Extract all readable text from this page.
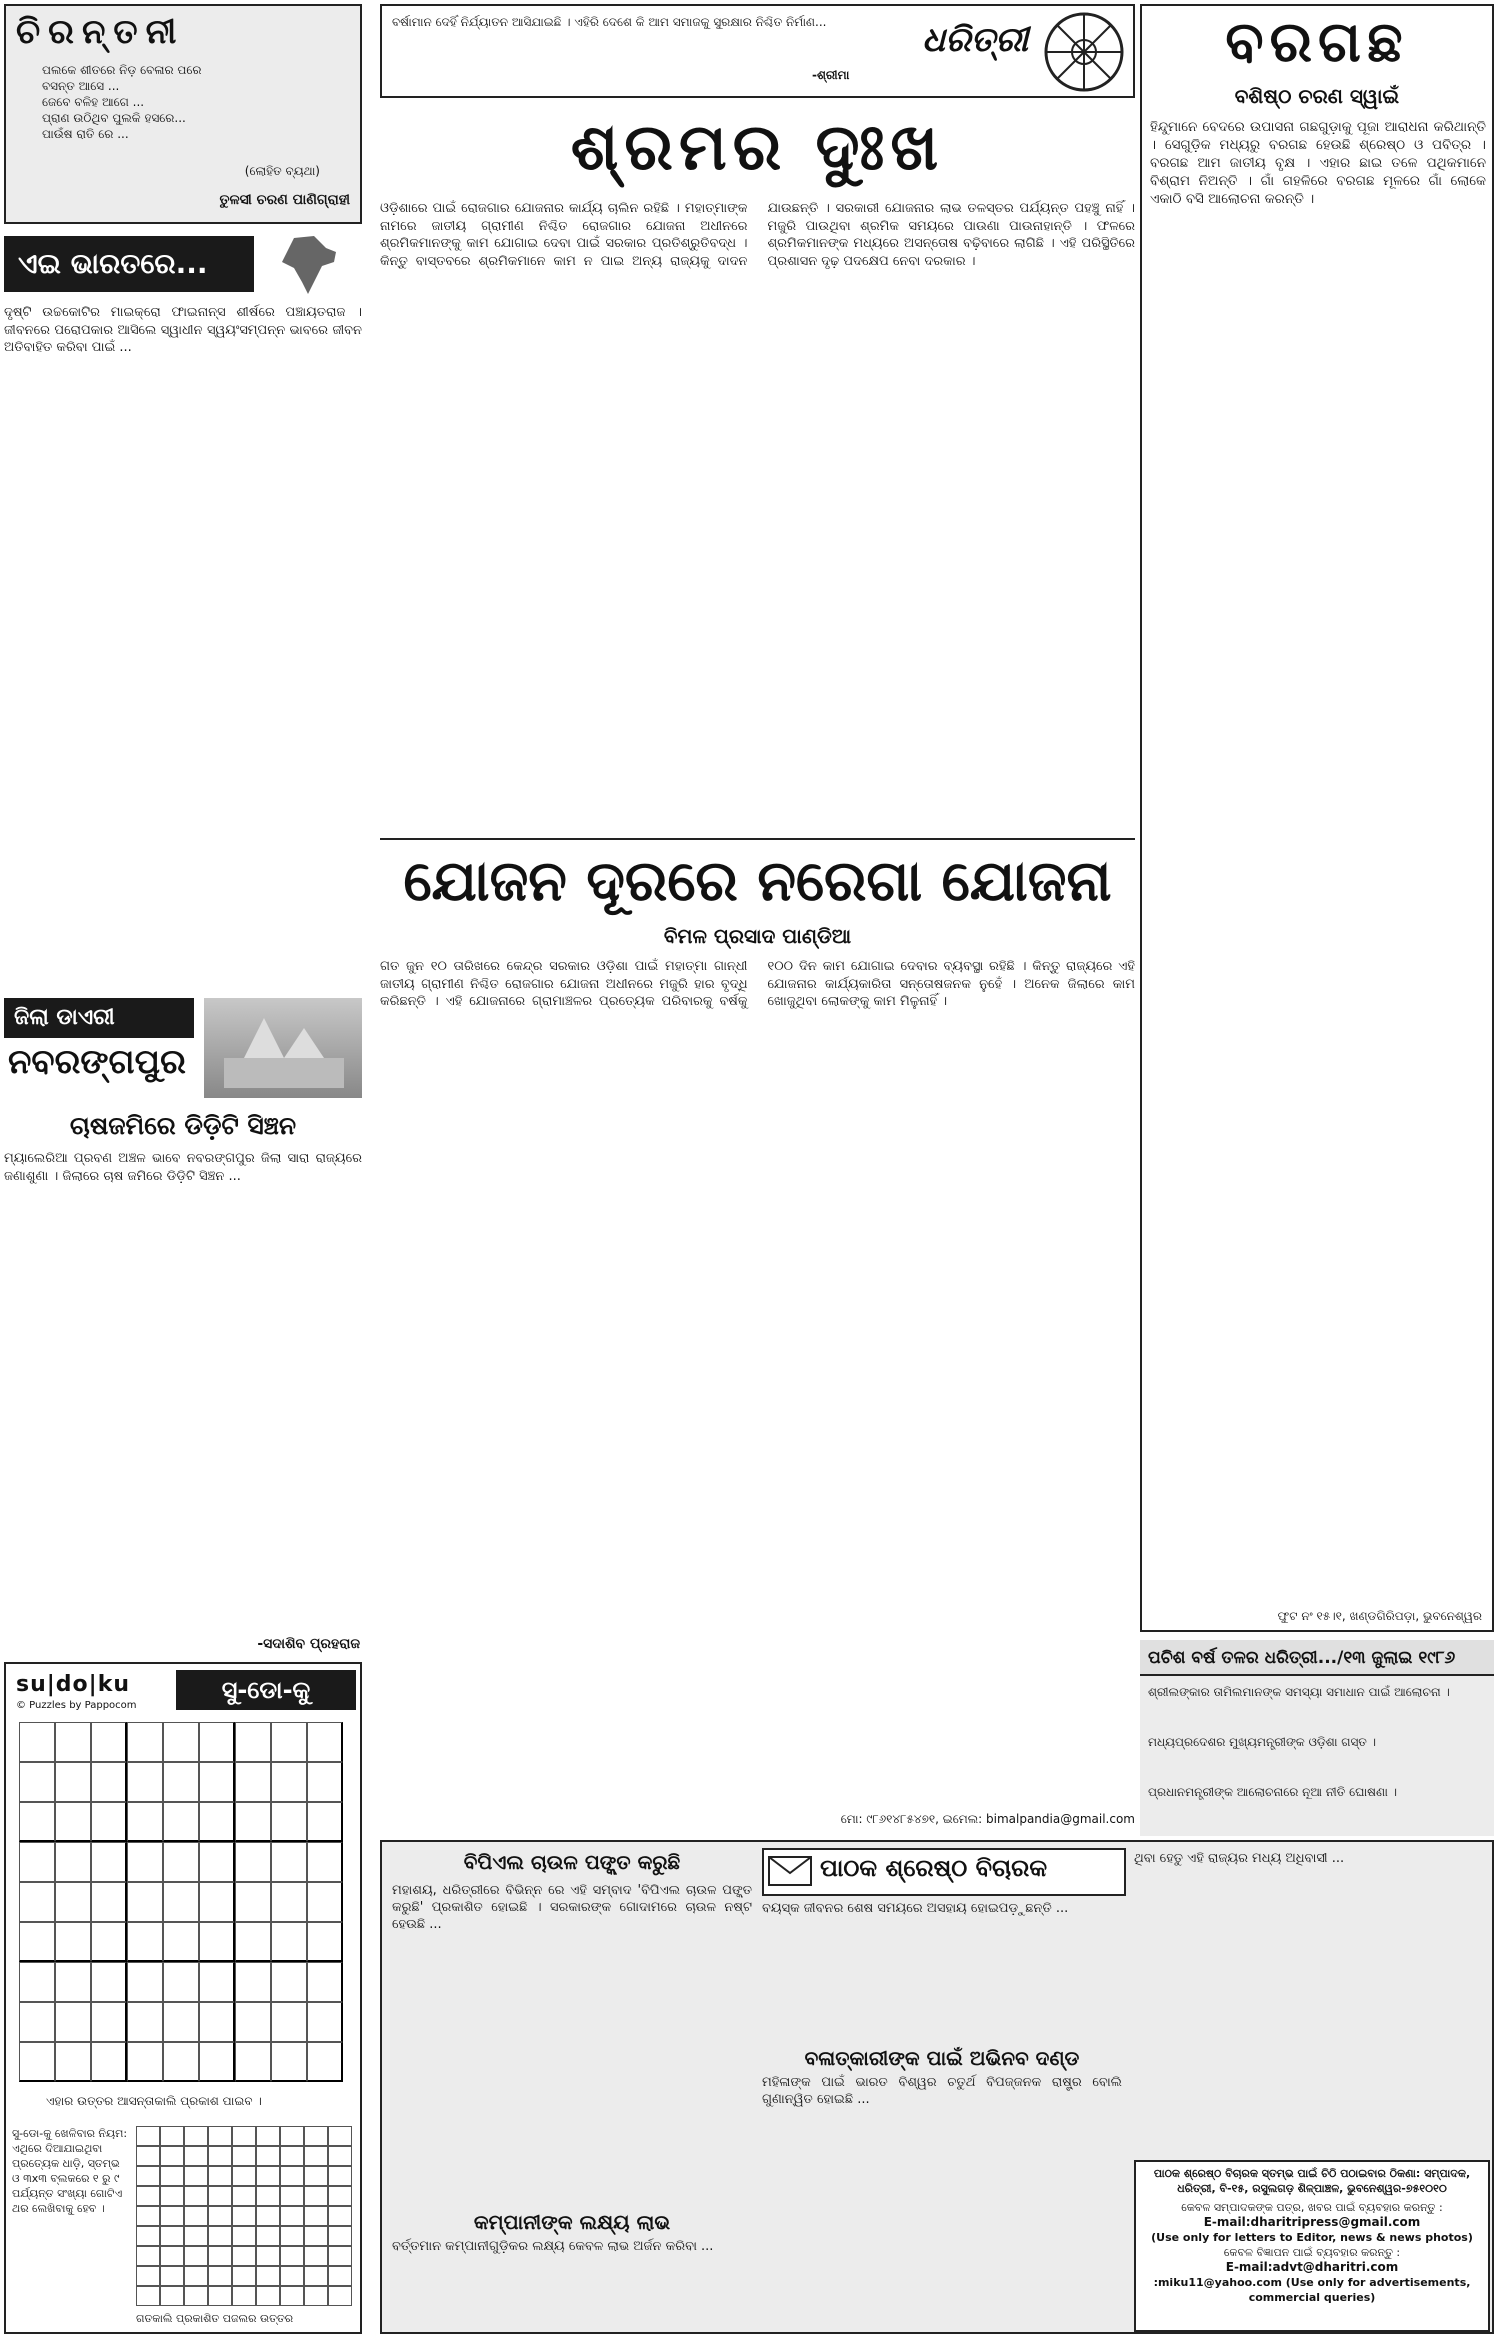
ଚିରନ୍ତନୀ
ପଲକେ ଶୀତରେ ନିଡ଼ ବେଳାର ପରେ
ବସନ୍ତ ଆସେ ...
ଜେବେ ବଳିହ ଆଗେ ...
ପ୍ରାଣ ଉଠିଥିବ ପୁଲକି ହସରେ...
ପାଉଁଷ ରାତି ରେ ...
(ଲୋହିତ ବ୍ୟଥା)
ତୁଳସୀ ଚରଣ ପାଣିଗ୍ରାହୀ
ଏଇ ଭାରତରେ...
ଦୃଷ୍ଟି ଉଚ୍ଚକୋଟିର ମାଇକ୍ରୋ ଫାଇନାନ୍ସ ଶୀର୍ଷରେ ପଞ୍ଚାୟତରାଜ । ଜୀବନରେ ପରୋପକାର ଆସିଲେ ସ୍ୱାଧୀନ ସ୍ୱୟଂସମ୍ପନ୍ନ ଭାବରେ ଜୀବନ ଅତିବାହିତ କରିବା ପାଇଁ ...
ଜିଲା ଡାଏରୀ
ନବରଙ୍ଗପୁର
ଚାଷଜମିରେ ଡିଡ଼ିଟି ସିଞ୍ଚନ
ମ୍ୟାଲେରିଆ ପ୍ରବଣ ଅଞ୍ଚଳ ଭାବେ ନବରଙ୍ଗପୁର ଜିଲା ସାରା ରାଜ୍ୟରେ ଜଣାଶୁଣା । ଜିଲାରେ ଚାଷ ଜମିରେ ଡିଡ଼ିଟି ସିଞ୍ଚନ ...
-ସଦାଶିବ ପ୍ରହରାଜ
su|do|ku
© Puzzles by Pappocom
ସୁ-ଡୋ-କୁ
ଏହାର ଉତ୍ତର ଆସନ୍ତାକାଲି ପ୍ରକାଶ ପାଇବ ।
ସୁ-ଡୋ-କୁ ଖେଳିବାର ନିୟମ: ଏଥିରେ ଦିଆଯାଇଥିବା ପ୍ରତ୍ୟେକ ଧାଡ଼ି, ସ୍ତମ୍ଭ ଓ ୩x୩ ବ୍ଲକରେ ୧ ରୁ ୯ ପର୍ଯ୍ୟନ୍ତ ସଂଖ୍ୟା ଗୋଟିଏ ଥର ଲେଖିବାକୁ ହେବ ।
ଗତକାଲି ପ୍ରକାଶିତ ପଜଲର ଉତ୍ତର
ବର୍ଷାମାନ ଦେହିଁ ନିର୍ଯ୍ୟାତନ ଆସିଯାଇଛି । ଏହିରି ଦେଶେ କି ଆମ ସମାଜକୁ ସୁରକ୍ଷାର ନିଶ୍ଚିତ ନିର୍ମାଣ...
-ଶ୍ରୀମା
ଧରିତ୍ରୀ
ଶ୍ରମର ଦୁଃଖ
ଓଡ଼ିଶାରେ ପାଇଁ ରୋଜଗାର ଯୋଜନାର କାର୍ଯ୍ୟ ଚାଲିନ ରହିଛି । ମହାତ୍ମାଙ୍କ ନାମରେ ଜାତୀୟ ଗ୍ରାମୀଣ ନିଶ୍ଚିତ ରୋଜଗାର ଯୋଜନା ଅଧୀନରେ ଶ୍ରମିକମାନଙ୍କୁ କାମ ଯୋଗାଇ ଦେବା ପାଇଁ ସରକାର ପ୍ରତିଶ୍ରୁତିବଦ୍ଧ । କିନ୍ତୁ ବାସ୍ତବରେ ଶ୍ରମିକମାନେ କାମ ନ ପାଇ ଅନ୍ୟ ରାଜ୍ୟକୁ ଦାଦନ ଯାଉଛନ୍ତି । ସରକାରୀ ଯୋଜନାର ଲାଭ ତଳସ୍ତର ପର୍ଯ୍ୟନ୍ତ ପହଞ୍ଚୁ ନାହିଁ । ମଜୁରି ପାଉଥିବା ଶ୍ରମିକ ସମୟରେ ପାଉଣା ପାଉନାହାନ୍ତି । ଫଳରେ ଶ୍ରମିକମାନଙ୍କ ମଧ୍ୟରେ ଅସନ୍ତୋଷ ବଢ଼ିବାରେ ଲାଗିଛି । ଏହି ପରିସ୍ଥିତିରେ ପ୍ରଶାସନ ଦୃଢ଼ ପଦକ୍ଷେପ ନେବା ଦରକାର ।
ଯୋଜନ ଦୂରରେ ନରେଗା ଯୋଜନା
ବିମଳ ପ୍ରସାଦ ପାଣ୍ଡିଆ
ଗତ ଜୁନ ୧୦ ତାରିଖରେ କେନ୍ଦ୍ର ସରକାର ଓଡ଼ିଶା ପାଇଁ ମହାତ୍ମା ଗାନ୍ଧୀ ଜାତୀୟ ଗ୍ରାମୀଣ ନିଶ୍ଚିତ ରୋଜଗାର ଯୋଜନା ଅଧୀନରେ ମଜୁରି ହାର ବୃଦ୍ଧି କରିଛନ୍ତି । ଏହି ଯୋଜନାରେ ଗ୍ରାମାଞ୍ଚଳର ପ୍ରତ୍ୟେକ ପରିବାରକୁ ବର୍ଷକୁ ୧୦୦ ଦିନ କାମ ଯୋଗାଇ ଦେବାର ବ୍ୟବସ୍ଥା ରହିଛି । କିନ୍ତୁ ରାଜ୍ୟରେ ଏହି ଯୋଜନାର କାର୍ଯ୍ୟକାରିତା ସନ୍ତୋଷଜନକ ନୁହେଁ । ଅନେକ ଜିଲାରେ କାମ ଖୋଜୁଥିବା ଲୋକଙ୍କୁ କାମ ମିଳୁନାହିଁ ।
ମୋ: ୯୮୬୧୪୮୫୪୭୧, ଇମେଲ: bimalpandia@gmail.com
ବିପିଏଲ ଚାଉଳ ପଙ୍କ୍ତ କରୁଛି
ମହାଶୟ, ଧରିତ୍ରୀରେ ବିଭିନ୍ନ ରେ ଏହି ସମ୍ବାଦ 'ବିପିଏଲ ଚାଉଳ ପଙ୍କ୍ତ କରୁଛି' ପ୍ରକାଶିତ ହୋଇଛି । ସରକାରଙ୍କ ଗୋଦାମରେ ଚାଉଳ ନଷ୍ଟ ହେଉଛି ...
କମ୍ପାନୀଙ୍କ ଲକ୍ଷ୍ୟ ଲାଭ
ବର୍ତ୍ତମାନ କମ୍ପାନୀଗୁଡ଼ିକର ଲକ୍ଷ୍ୟ କେବଳ ଲାଭ ଅର୍ଜନ କରିବା ...
ପାଠକ ଶ୍ରେଷ୍ଠ ବିଚାରକ
ବୟସ୍କ ଜୀବନର ଶେଷ ସମୟରେ ଅସହାୟ ହୋଇପଡ଼ୁଛନ୍ତି ...
ବଳାତ୍କାରୀଙ୍କ ପାଇଁ ଅଭିନବ ଦଣ୍ଡ
ମହିଳାଙ୍କ ପାଇଁ ଭାରତ ବିଶ୍ୱର ଚତୁର୍ଥ ବିପଜ୍ଜନକ ରାଷ୍ଟ୍ର ବୋଲି ଗୁଣାନ୍ୱିତ ହୋଇଛି ...
ଥିବା ହେତୁ ଏହି ରାଜ୍ୟର ମଧ୍ୟ ଅଧିବାସୀ ...
ପାଠକ ଶ୍ରେଷ୍ଠ ବିଚାରକ ସ୍ତମ୍ଭ ପାଇଁ ଚିଠି ପଠାଇବାର ଠିକଣା: ସମ୍ପାଦକ, ଧରିତ୍ରୀ, ବି-୧୫, ରସୁଲଗଡ଼ ଶିଳ୍ପାଞ୍ଚଳ, ଭୁବନେଶ୍ୱର-୭୫୧୦୧୦
କେବଳ ସମ୍ପାଦକଙ୍କ ପତ୍ର, ଖବର ପାଇଁ ବ୍ୟବହାର କରନ୍ତୁ :
E-mail:dharitripress@gmail.com
(Use only for letters to Editor, news & news photos)
କେବଳ ବିଜ୍ଞାପନ ପାଇଁ ବ୍ୟବହାର କରନ୍ତୁ :
E-mail:advt@dharitri.com
:miku11@yahoo.com (Use only for advertisements, commercial queries)
ବରଗଛ
ବଶିଷ୍ଠ ଚରଣ ସ୍ୱାଇଁ
ହିନ୍ଦୁମାନେ ବେଦରେ ଉପାସନା ଗଛଗୁଡ଼ାକୁ ପୂଜା ଆରାଧନା କରିଥାନ୍ତି । ସେଗୁଡ଼ିକ ମଧ୍ୟରୁ ବରଗଛ ହେଉଛି ଶ୍ରେଷ୍ଠ ଓ ପବିତ୍ର । ବରଗଛ ଆମ ଜାତୀୟ ବୃକ୍ଷ । ଏହାର ଛାଇ ତଳେ ପଥିକମାନେ ବିଶ୍ରାମ ନିଅନ୍ତି । ଗାଁ ଗହଳିରେ ବରଗଛ ମୂଳରେ ଗାଁ ଲୋକେ ଏକାଠି ବସି ଆଲୋଚନା କରନ୍ତି ।
ଫୁଟ ନଂ ୧୫।୧, ଖଣ୍ଡଗିରିପଡ଼ା, ଭୁବନେଶ୍ୱର
ପଚିଶ ବର୍ଷ ତଳର ଧରିତ୍ରୀ.../୧୩ ଜୁଲାଇ ୧୯୮୬
ଶ୍ରୀଲଙ୍କାର ତାମିଲମାନଙ୍କ ସମସ୍ୟା ସମାଧାନ ପାଇଁ ଆଲୋଚନା ।
ମଧ୍ୟପ୍ରଦେଶର ମୁଖ୍ୟମନ୍ତ୍ରୀଙ୍କ ଓଡ଼ିଶା ଗସ୍ତ ।
ପ୍ରଧାନମନ୍ତ୍ରୀଙ୍କ ଆଲୋଚନାରେ ନୂଆ ନୀତି ଘୋଷଣା ।
